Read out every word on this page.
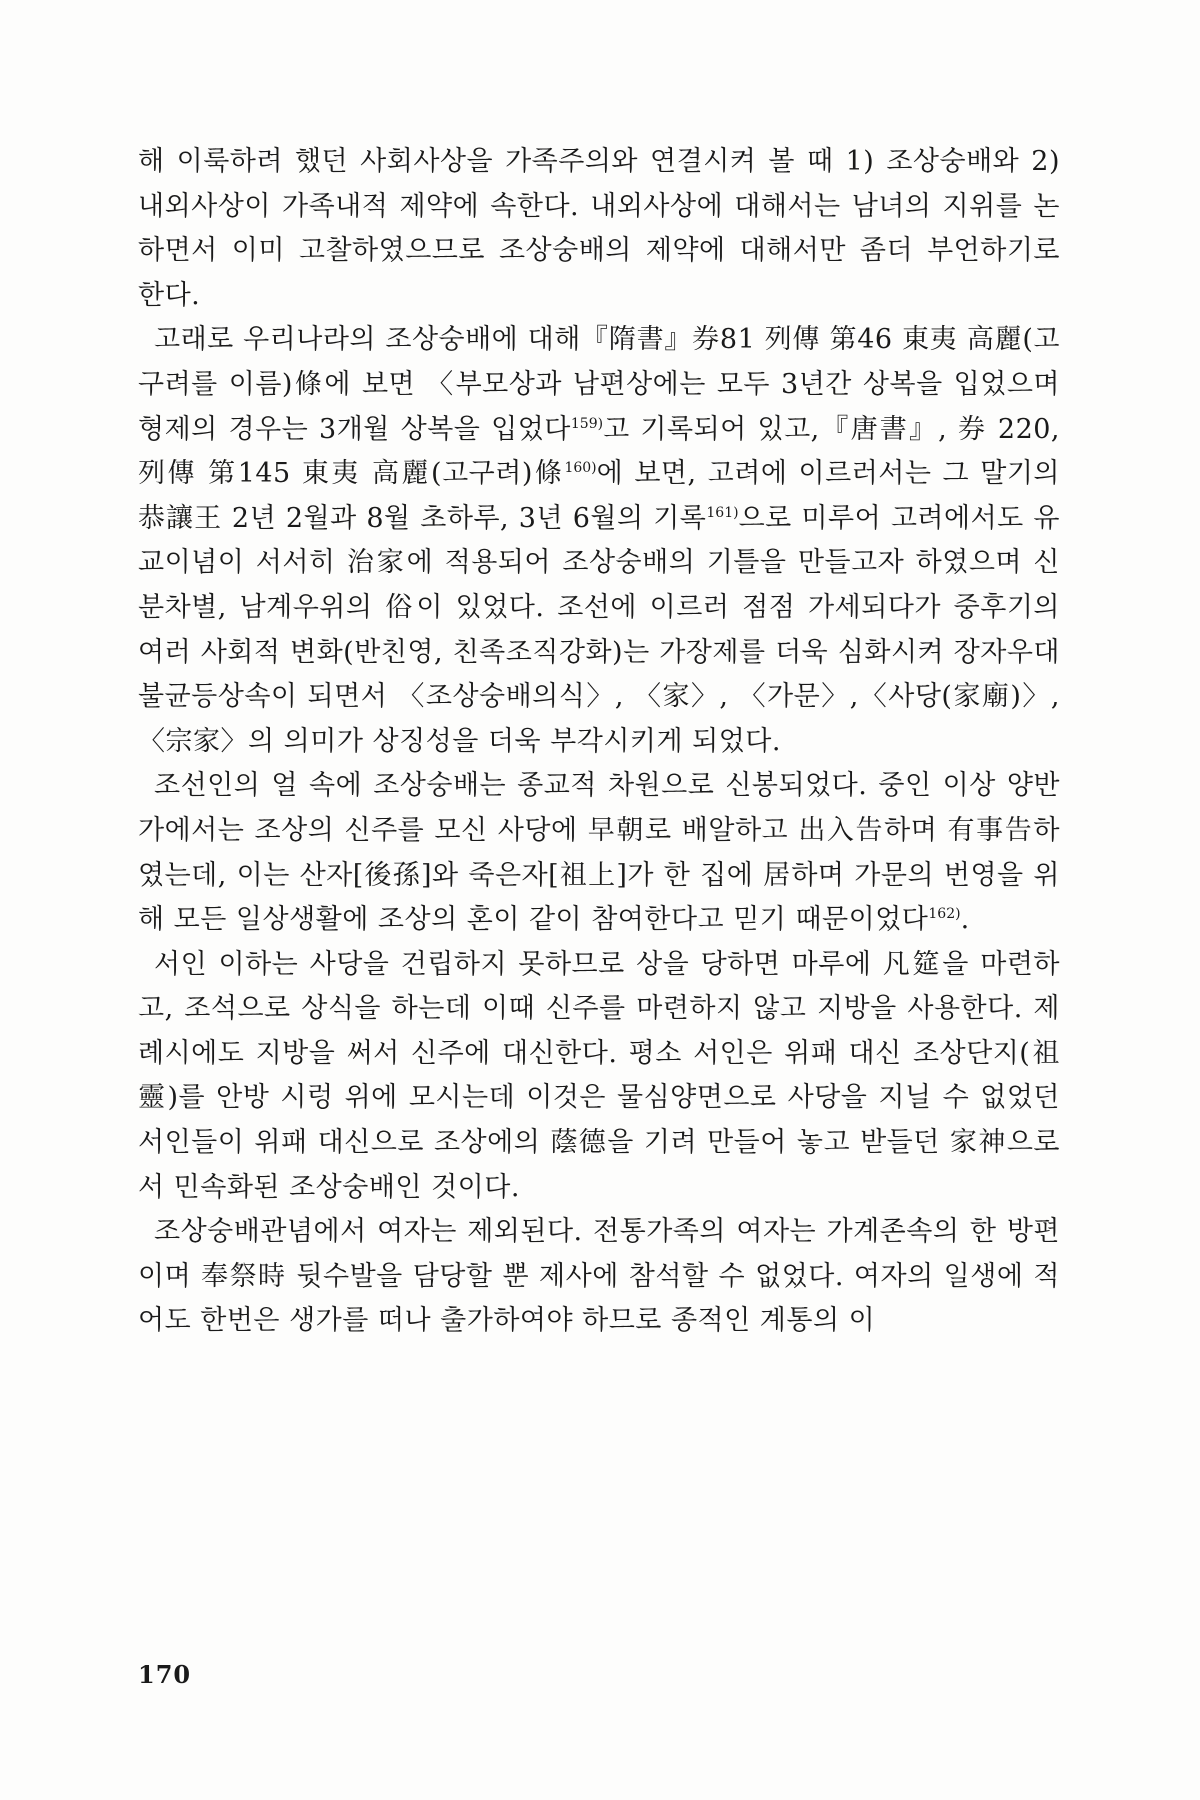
해 이룩하려 했던 사회사상을 가족주의와 연결시켜 볼 때 1) 조상숭배와 2) 내외사상이 가족내적 제약에 속한다. 내외사상에 대해서는 남녀의 지위를 논하면서 이미 고찰하였으므로 조상숭배의 제약에 대해서만 좀더 부언하기로 한다.

고래로 우리나라의 조상숭배에 대해『隋書』券81 列傳 第46 東夷 高麗(고구려를 이름)條에 보면 〈부모상과 남편상에는 모두 3년간 상복을 입었으며 형제의 경우는 3개월 상복을 입었다$^{159)}$고 기록되어 있고,『唐書』, 券 220, 列傳 第145 東夷 高麗(고구려)條$^{160)}$에 보면, 고려에 이르러서는 그 말기의 恭讓王 2년 2월과 8월 초하루, 3년 6월의 기록$^{161)}$으로 미루어 고려에서도 유교이념이 서서히 治家에 적용되어 조상숭배의 기틀을 만들고자 하였으며 신분차별, 남계우위의 俗이 있었다. 조선에 이르러 점점 가세되다가 중후기의 여러 사회적 변화(반친영, 친족조직강화)는 가장제를 더욱 심화시켜 장자우대 불균등상속이 되면서 〈조상숭배의식〉, 〈家〉, 〈가문〉,〈사당(家廟)〉,〈宗家〉의 의미가 상징성을 더욱 부각시키게 되었다.

조선인의 얼 속에 조상숭배는 종교적 차원으로 신봉되었다. 중인 이상 양반가에서는 조상의 신주를 모신 사당에 早朝로 배알하고 出入告하며 有事告하였는데, 이는 산자[後孫]와 죽은자[祖上]가 한 집에 居하며 가문의 번영을 위해 모든 일상생활에 조상의 혼이 같이 참여한다고 믿기 때문이었다$^{162)}$.

서인 이하는 사당을 건립하지 못하므로 상을 당하면 마루에 凡筵을 마련하고, 조석으로 상식을 하는데 이때 신주를 마련하지 않고 지방을 사용한다. 제례시에도 지방을 써서 신주에 대신한다. 평소 서인은 위패 대신 조상단지(祖靈)를 안방 시렁 위에 모시는데 이것은 물심양면으로 사당을 지닐 수 없었던 서인들이 위패 대신으로 조상에의 蔭德을 기려 만들어 놓고 받들던 家神으로서 민속화된 조상숭배인 것이다.

조상숭배관념에서 여자는 제외된다. 전통가족의 여자는 가계존속의 한 방편이며 奉祭時 뒷수발을 담당할 뿐 제사에 참석할 수 없었다. 여자의 일생에 적어도 한번은 생가를 떠나 출가하여야 하므로 종적인 계통의 이

170
